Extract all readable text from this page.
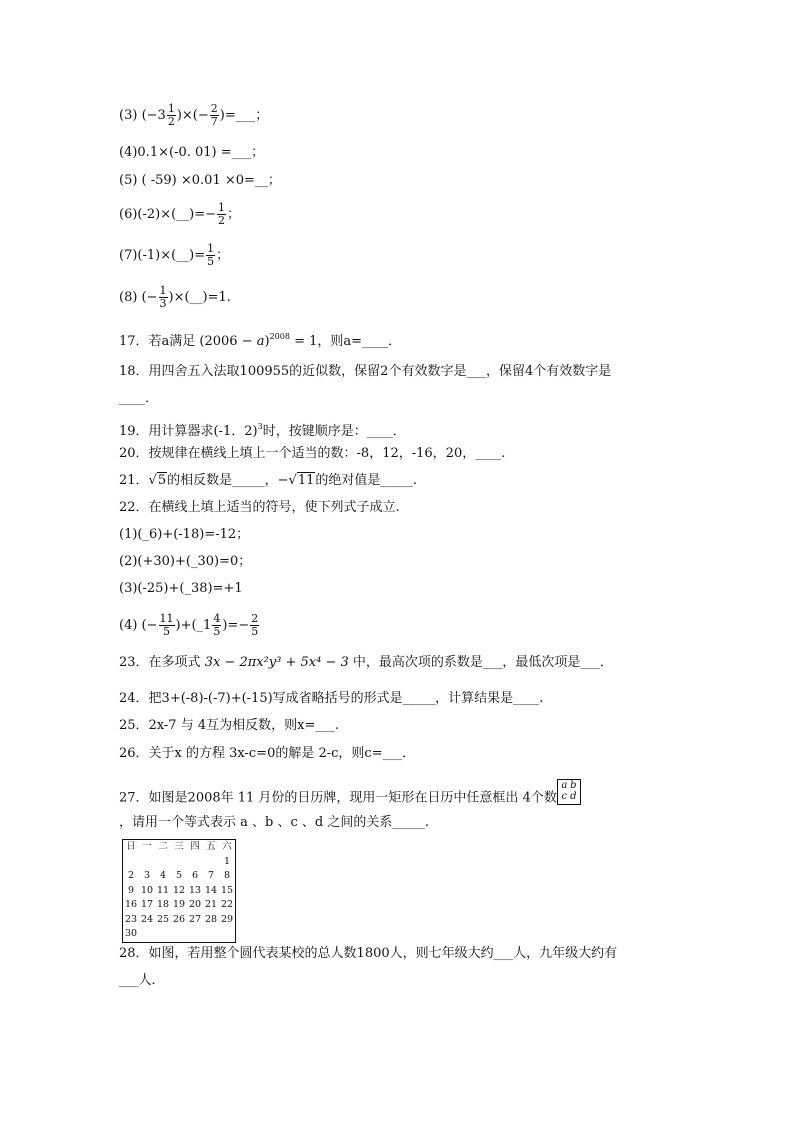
(3) ($-3 \frac{1}{2}$ )×(− $\frac{2}{7}$ )=___；
(4)0.1×(-0. 01) =___；
(5) ( -59) ×0.01 ×0=__；
(6)(-2)×(__)=− $\frac{1}{2}$ ；
(7)(-1)×(__)= $\frac{1}{5}$ ；
(8) (− $\frac{1}{3}$ )×(__)=1.
17．若a满足 $(2006 - a)^{2008} = 1$，则a=____．
18．用四舍五入法取100955的近似数，保留2个有效数字是___，保留4个有效数字是
____．
19．用计算器求(-1．2)$^3$时，按键顺序是：____．
20．按规律在横线上填上一个适当的数：-8，12，-16，20，____.
21．√5的相反数是_____，−√11的绝对值是_____.
22．在横线上填上适当的符号，使下列式子成立.
(1)(_6)+(-18)=-12；
(2)(+30)+(_30)=0；
(3)(-25)+(_38)=+1
(4) (− $\frac{11}{5}$ )+(_1 $\frac{4}{5}$ )=− $\frac{2}{5}$
23．在多项式 3x − 2πx²y³ + 5x⁴ − 3 中，最高次项的系数是___，最低次项是___．
24．把3+(-8)-(-7)+(-15)写成省略括号的形式是_____，计算结果是____.
25．2x-7 与 4互为相反数，则x=___.
26．关于x 的方程 3x-c=0的解是 2-c，则c=___．
27．如图是2008年 11 月份的日历牌，现用一矩形在日历中任意框出 4个数a b
c d
，请用一个等式表示 a 、b 、c 、d 之间的关系_____.
日	一	二	三	四	五	六
						1
2	3	4	5	6	7	8
9	10	11	12	13	14	15
16	17	18	19	20	21	22
23	24	25	26	27	28	29
30						
28．如图，若用整个圆代表某校的总人数1800人，则七年级大约___人，九年级大约有
___人．
